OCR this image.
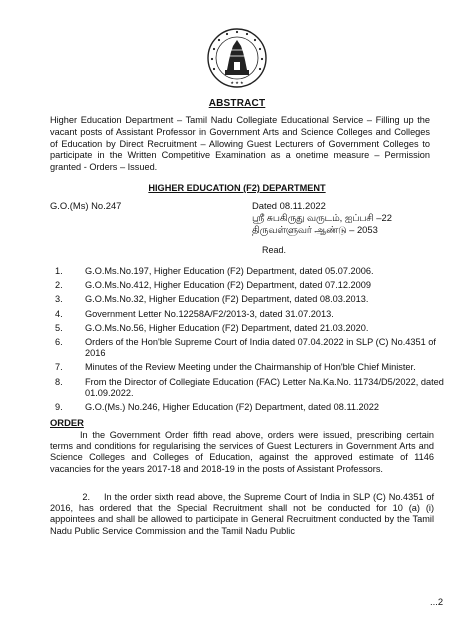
★ ★ ★
ABSTRACT
Higher Education Department – Tamil Nadu Collegiate Educational Service – Filling up the vacant posts of Assistant Professor in Government Arts and Science Colleges and Colleges of Education by Direct Recruitment – Allowing Guest Lecturers of Government Colleges to participate in the Written Competitive Examination as a onetime measure – Permission granted - Orders – Issued.
HIGHER EDUCATION (F2) DEPARTMENT
G.O.(Ms) No.247	Dated 08.11.2022
ஸ்ரீ சுபகிருது வருடம், ஐப்பசி –22
திருவள்ளுவர் ஆண்டு – 2053
Read.
1. G.O.Ms.No.197, Higher Education (F2) Department, dated 05.07.2006.
2. G.O.Ms.No.412, Higher Education (F2) Department, dated 07.12.2009
3. G.O.Ms.No.32, Higher Education (F2) Department, dated 08.03.2013.
4. Government Letter No.12258A/F2/2013-3, dated 31.07.2013.
5. G.O.Ms.No.56, Higher Education (F2) Department, dated 21.03.2020.
6. Orders of the Hon'ble Supreme Court of India dated 07.04.2022 in SLP (C) No.4351 of 2016
7. Minutes of the Review Meeting under the Chairmanship of Hon'ble Chief Minister.
8. From the Director of Collegiate Education (FAC) Letter Na.Ka.No. 11734/D5/2022, dated 01.09.2022.
9. G.O.(Ms.) No.246, Higher Education (F2) Department, dated 08.11.2022
ORDER
In the Government Order fifth read above, orders were issued, prescribing certain terms and conditions for regularising the services of Guest Lecturers in Government Arts and Science Colleges and Colleges of Education, against the approved estimate of 1146 vacancies for the years 2017-18 and 2018-19 in the posts of Assistant Professors.
2. In the order sixth read above, the Supreme Court of India in SLP (C) No.4351 of 2016, has ordered that the Special Recruitment shall not be conducted for 10 (a) (i) appointees and shall be allowed to participate in General Recruitment conducted by the Tamil Nadu Public Service Commission and the Tamil Nadu Public
...2
